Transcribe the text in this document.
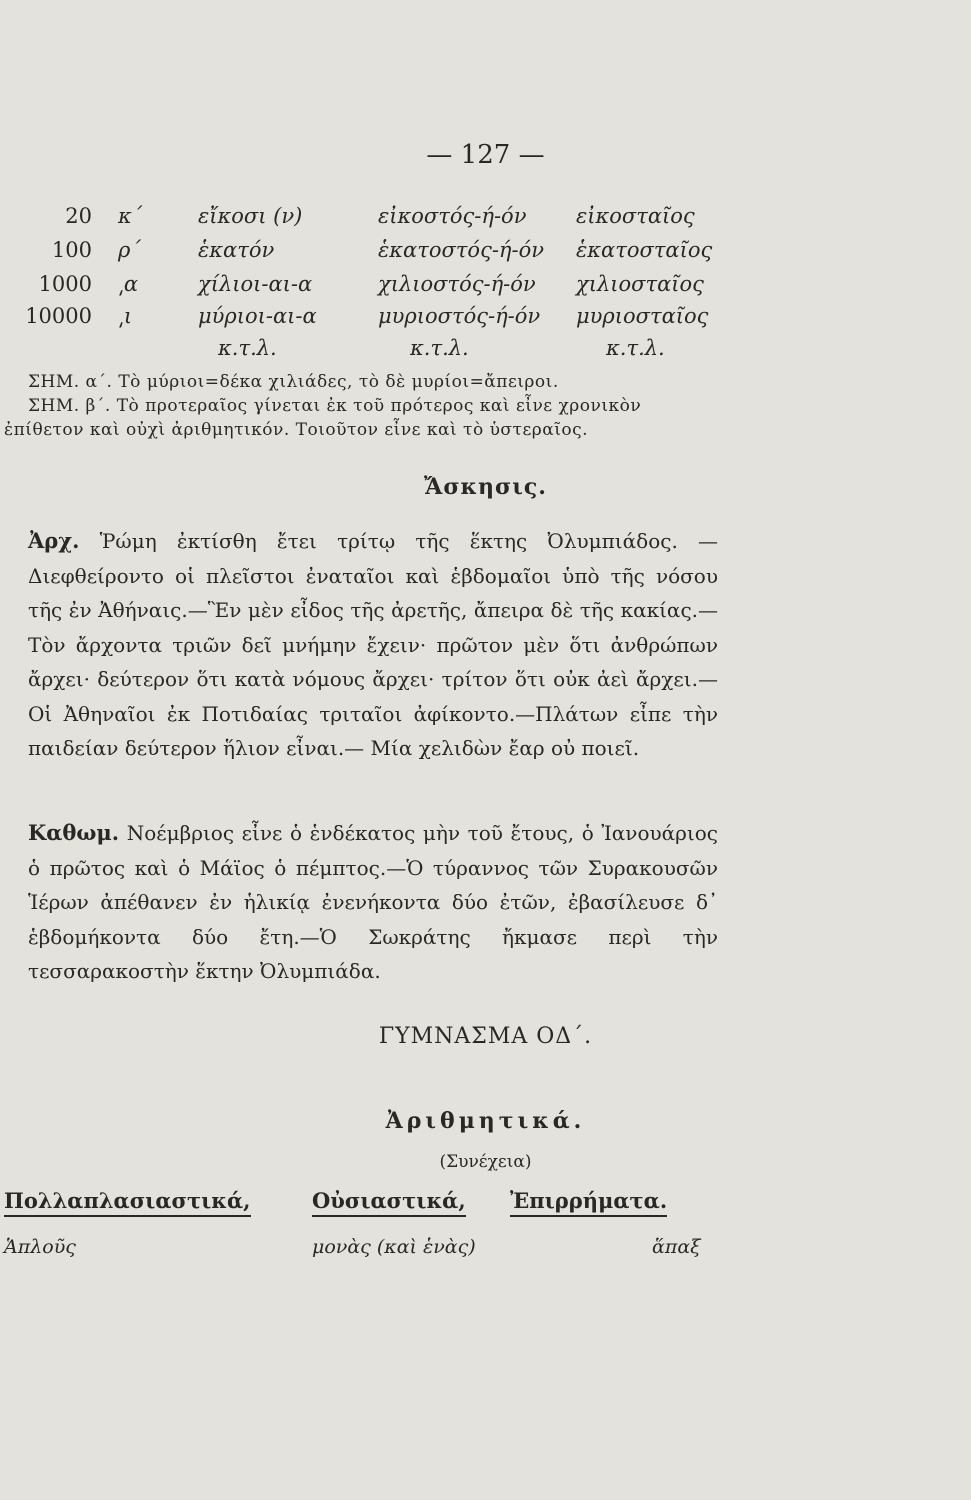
— 127 —
20 κ΄	εἴκοσι (ν)	εἰκοστός-ή-όν εἰκοσταῖος
100 ρ΄	ἑκατόν	ἑκατοστός-ή-όν ἑκατοσταῖος
1000 ͵α	χίλιοι-αι-α	χιλιοστός-ή-όν χιλιοσταῖος
10000 ͵ι	μύριοι-αι-α	μυριοστός-ή-όν μυριοσταῖος
κ.τ.λ.	κ.τ.λ.	κ.τ.λ.
ΣΗΜ. α΄. Τὸ μύριοι=δέκα χιλιάδες, τὸ δὲ μυρίοι=ἄπειροι.
ΣΗΜ. β΄. Τὸ προτεραῖος γίνεται ἐκ τοῦ πρότερος καὶ εἶνε χρονικὸν
ἐπίθετον καὶ οὐχὶ ἀριθμητικόν. Τοιοῦτον εἶνε καὶ τὸ ὑστεραῖος.
Ἄσκησις.
Ἀρχ. Ῥώμη ἐκτίσθη ἔτει τρίτῳ τῆς ἕκτης Ὀλυμπιάδος. —Διεφθείροντο οἱ πλεῖστοι ἐναταῖοι καὶ ἑβδομαῖοι ὑπὸ τῆς νόσου τῆς ἐν Ἀθήναις.—Ἓν μὲν εἶδος τῆς ἀρετῆς, ἄπειρα δὲ τῆς κακίας.—Τὸν ἄρχοντα τριῶν δεῖ μνήμην ἔχειν· πρῶτον μὲν ὅτι ἀνθρώπων ἄρχει· δεύτερον ὅτι κατὰ νόμους ἄρχει· τρίτον ὅτι οὐκ ἀεὶ ἄρχει.—Οἱ Ἀθηναῖοι ἐκ Ποτιδαίας τριταῖοι ἀφίκοντο.—Πλάτων εἶπε τὴν παιδείαν δεύτερον ἥλιον εἶναι.— Μία χελιδὼν ἔαρ οὐ ποιεῖ.
Καθωμ. Νοέμβριος εἶνε ὁ ἑνδέκατος μὴν τοῦ ἔτους, ὁ Ἰανουάριος ὁ πρῶτος καὶ ὁ Μάϊος ὁ πέμπτος.—Ὁ τύραννος τῶν Συρακουσῶν Ἱέρων ἀπέθανεν ἐν ἡλικίᾳ ἐνενήκοντα δύο ἐτῶν, ἐβασίλευσε δ᾽ ἑβδομήκοντα δύο ἔτη.—Ὁ Σωκράτης ἤκμασε περὶ τὴν τεσσαρακοστὴν ἕκτην Ὀλυμπιάδα.
ΓΥΜΝΑΣΜΑ ΟΔ΄.
Ἀριθμητικά.
(Συνέχεια)
Πολλαπλασιαστικά,	Οὐσιαστικά, Ἐπιρρήματα.
Ἁπλοῦς	μονὰς (καὶ ἑνὰς)	ἅπαξ
